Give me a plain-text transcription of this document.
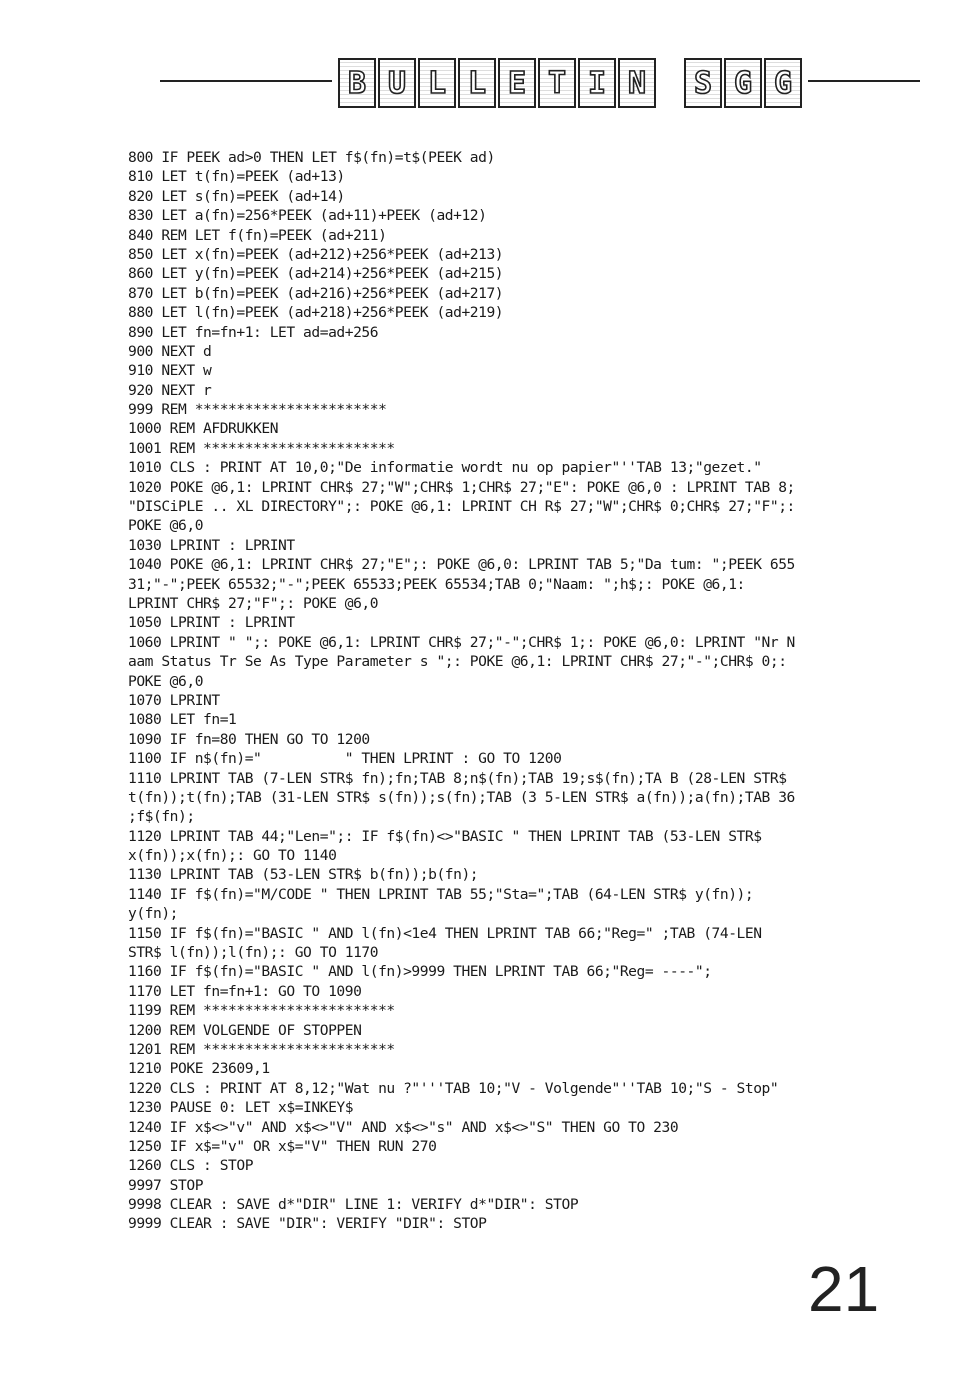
B U L L E T I N	S G G
800 IF PEEK ad>0 THEN LET f$(fn)=t$(PEEK ad)
810 LET t(fn)=PEEK (ad+13)
820 LET s(fn)=PEEK (ad+14)
830 LET a(fn)=256*PEEK (ad+11)+PEEK (ad+12)
840 REM LET f(fn)=PEEK (ad+211)
850 LET x(fn)=PEEK (ad+212)+256*PEEK (ad+213)
860 LET y(fn)=PEEK (ad+214)+256*PEEK (ad+215)
870 LET b(fn)=PEEK (ad+216)+256*PEEK (ad+217)
880 LET l(fn)=PEEK (ad+218)+256*PEEK (ad+219)
890 LET fn=fn+1: LET ad=ad+256
900 NEXT d
910 NEXT w
920 NEXT r
999 REM ***********************
1000 REM AFDRUKKEN
1001 REM ***********************
1010 CLS : PRINT AT 10,0;"De informatie wordt nu op papier"''TAB 13;"gezet."
1020 POKE @6,1: LPRINT CHR$ 27;"W";CHR$ 1;CHR$ 27;"E": POKE @6,0 : LPRINT TAB 8;
"DISCiPLE .. XL DIRECTORY";: POKE @6,1: LPRINT CH R$ 27;"W";CHR$ 0;CHR$ 27;"F";:
POKE @6,0
1030 LPRINT : LPRINT
1040 POKE @6,1: LPRINT CHR$ 27;"E";: POKE @6,0: LPRINT TAB 5;"Da tum: ";PEEK 655
31;"-";PEEK 65532;"-";PEEK 65533;PEEK 65534;TAB 0;"Naam: ";h$;: POKE @6,1:
LPRINT CHR$ 27;"F";: POKE @6,0
1050 LPRINT : LPRINT
1060 LPRINT " ";: POKE @6,1: LPRINT CHR$ 27;"-";CHR$ 1;: POKE @6,0: LPRINT "Nr N
aam Status Tr Se As Type Parameter s ";: POKE @6,1: LPRINT CHR$ 27;"-";CHR$ 0;:
POKE @6,0
1070 LPRINT
1080 LET fn=1
1090 IF fn=80 THEN GO TO 1200
1100 IF n$(fn)="          " THEN LPRINT : GO TO 1200
1110 LPRINT TAB (7-LEN STR$ fn);fn;TAB 8;n$(fn);TAB 19;s$(fn);TA B (28-LEN STR$
t(fn));t(fn);TAB (31-LEN STR$ s(fn));s(fn);TAB (3 5-LEN STR$ a(fn));a(fn);TAB 36
;f$(fn);
1120 LPRINT TAB 44;"Len=";: IF f$(fn)<>"BASIC " THEN LPRINT TAB (53-LEN STR$
x(fn));x(fn);: GO TO 1140
1130 LPRINT TAB (53-LEN STR$ b(fn));b(fn);
1140 IF f$(fn)="M/CODE " THEN LPRINT TAB 55;"Sta=";TAB (64-LEN STR$ y(fn));
y(fn);
1150 IF f$(fn)="BASIC " AND l(fn)<1e4 THEN LPRINT TAB 66;"Reg=" ;TAB (74-LEN
STR$ l(fn));l(fn);: GO TO 1170
1160 IF f$(fn)="BASIC " AND l(fn)>9999 THEN LPRINT TAB 66;"Reg= ----";
1170 LET fn=fn+1: GO TO 1090
1199 REM ***********************
1200 REM VOLGENDE OF STOPPEN
1201 REM ***********************
1210 POKE 23609,1
1220 CLS : PRINT AT 8,12;"Wat nu ?"'''TAB 10;"V - Volgende"''TAB 10;"S - Stop"
1230 PAUSE 0: LET x$=INKEY$
1240 IF x$<>"v" AND x$<>"V" AND x$<>"s" AND x$<>"S" THEN GO TO 230
1250 IF x$="v" OR x$="V" THEN RUN 270
1260 CLS : STOP
9997 STOP
9998 CLEAR : SAVE d*"DIR" LINE 1: VERIFY d*"DIR": STOP
9999 CLEAR : SAVE "DIR": VERIFY "DIR": STOP
21
